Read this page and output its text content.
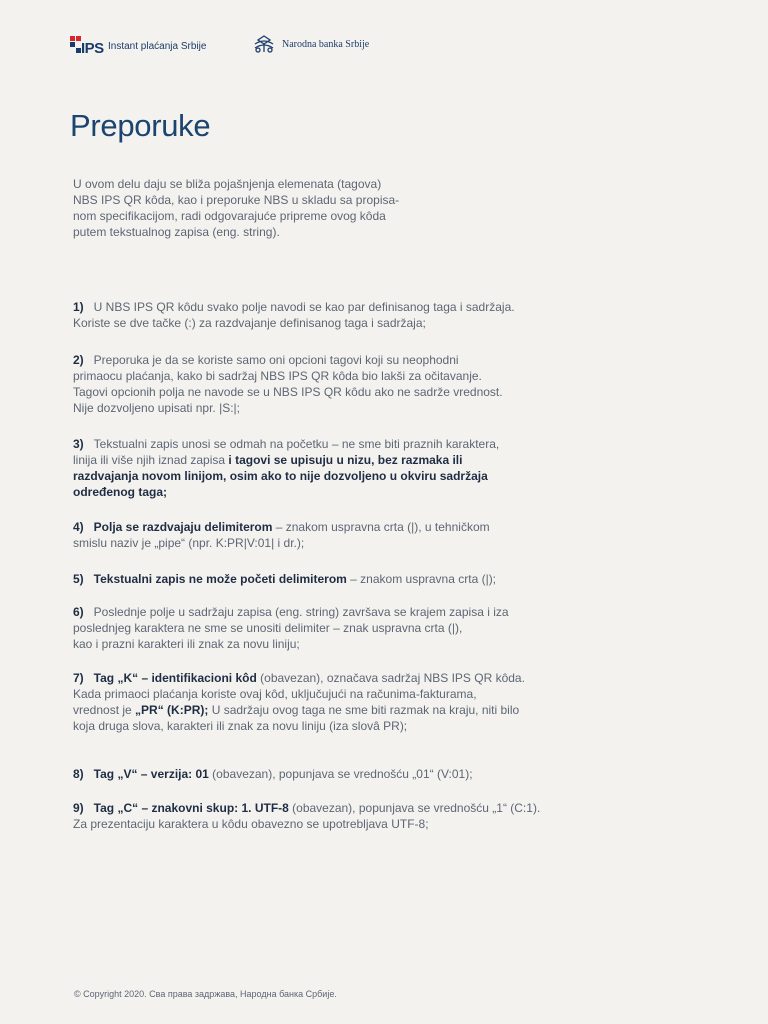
IPS Instant plaćanja Srbije	Narodna banka Srbije
Preporuke

U ovom delu daju se bliža pojašnjenja elemenata (tagova)
NBS IPS QR kôda, kao i preporuke NBS u skladu sa propisa-
nom specifikacijom, radi odgovarajuće pripreme ovog kôda
putem tekstualnog zapisa (eng. string).

1) U NBS IPS QR kôdu svako polje navodi se kao par definisanog taga i sadržaja.
Koriste se dve tačke (:) za razdvajanje definisanog taga i sadržaja;

2) Preporuka je da se koriste samo oni opcioni tagovi koji su neophodni
primaocu plaćanja, kako bi sadržaj NBS IPS QR kôda bio lakši za očitavanje.
Tagovi opcionih polja ne navode se u NBS IPS QR kôdu ako ne sadrže vrednost.
Nije dozvoljeno upisati npr. |S:|;

3) Tekstualni zapis unosi se odmah na početku – ne sme biti praznih karaktera,
linija ili više njih iznad zapisa i tagovi se upisuju u nizu, bez razmaka ili
razdvajanja novom linijom, osim ako to nije dozvoljeno u okviru sadržaja
određenog taga;

4) Polja se razdvajaju delimiterom – znakom uspravna crta (|), u tehničkom
smislu naziv je „pipe“ (npr. K:PR|V:01| i dr.);

5) Tekstualni zapis ne može početi delimiterom – znakom uspravna crta (|);

6) Poslednje polje u sadržaju zapisa (eng. string) završava se krajem zapisa i iza
poslednjeg karaktera ne sme se unositi delimiter – znak uspravna crta (|),
kao i prazni karakteri ili znak za novu liniju;

7) Tag „K“ – identifikacioni kôd (obavezan), označava sadržaj NBS IPS QR kôda.
Kada primaoci plaćanja koriste ovaj kôd, uključujući na računima-fakturama,
vrednost je „PR“ (K:PR); U sadržaju ovog taga ne sme biti razmak na kraju, niti bilo
koja druga slova, karakteri ili znak za novu liniju (iza slovâ PR);

8) Tag „V“ – verzija: 01 (obavezan), popunjava se vrednošću „01“ (V:01);

9) Tag „C“ – znakovni skup: 1. UTF-8 (obavezan), popunjava se vrednošću „1“ (C:1).
Za prezentaciju karaktera u kôdu obavezno se upotrebljava UTF-8;

© Copyright 2020. Сва права задржава, Народна банка Србије.
